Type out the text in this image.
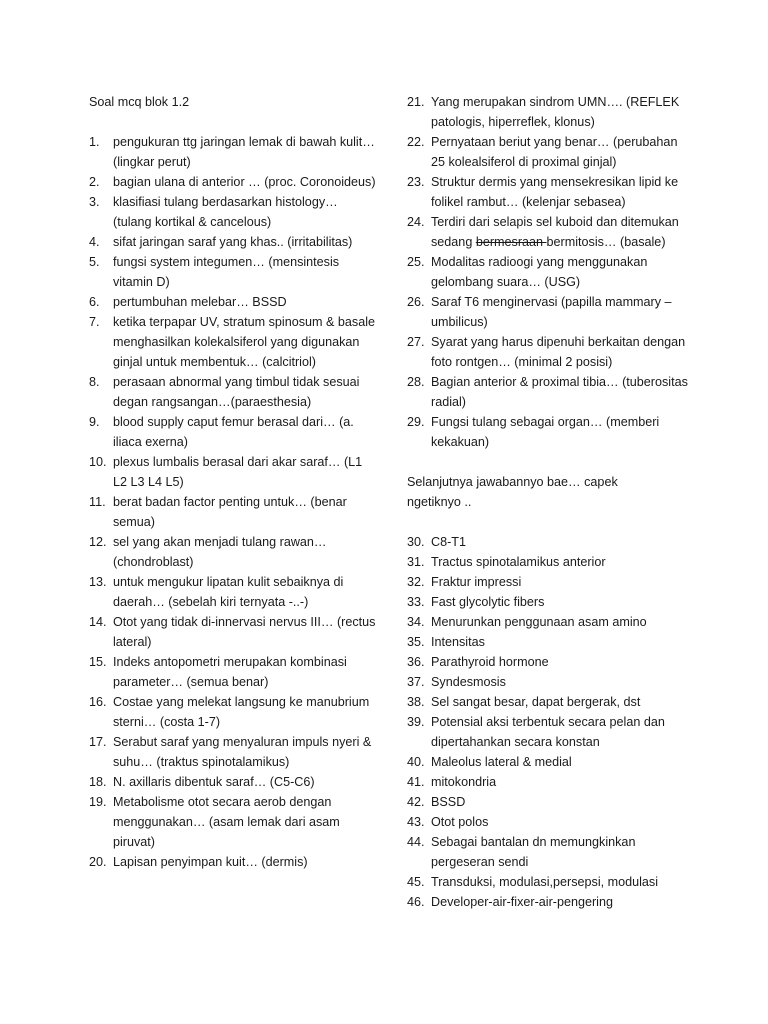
Soal mcq blok 1.2
1.	pengukuran ttg jaringan lemak di bawah kulit… (lingkar perut)
2.	bagian ulana di anterior … (proc. Coronoideus)
3.	klasifiasi tulang berdasarkan histology… (tulang kortikal & cancelous)
4.	sifat jaringan saraf yang khas.. (irritabilitas)
5.	fungsi system integumen… (mensintesis vitamin D)
6.	pertumbuhan melebar… BSSD
7.	ketika terpapar UV, stratum spinosum & basale menghasilkan kolekalsiferol yang digunakan ginjal untuk membentuk… (calcitriol)
8.	perasaan abnormal yang timbul tidak sesuai degan rangsangan…(paraesthesia)
9.	blood supply caput femur berasal dari… (a. iliaca exerna)
10. plexus lumbalis berasal dari akar saraf… (L1 L2 L3 L4 L5)
11. berat badan factor penting untuk… (benar semua)
12. sel yang akan menjadi tulang rawan… (chondroblast)
13. untuk mengukur lipatan kulit sebaiknya di daerah… (sebelah kiri ternyata -..-)
14. Otot yang tidak di-innervasi nervus III… (rectus lateral)
15. Indeks antopometri merupakan kombinasi parameter… (semua benar)
16. Costae yang melekat langsung ke manubrium sterni… (costa 1-7)
17. Serabut saraf yang menyaluran impuls nyeri & suhu… (traktus spinotalamikus)
18. N. axillaris dibentuk saraf… (C5-C6)
19. Metabolisme otot secara aerob dengan menggunakan… (asam lemak dari asam piruvat)
20. Lapisan penyimpan kuit… (dermis)
21. Yang merupakan sindrom UMN…. (REFLEK patologis, hiperreflek, klonus)
22. Pernyataan beriut yang benar… (perubahan 25 kolealsiferol di proximal ginjal)
23. Struktur dermis yang mensekresikan lipid ke folikel rambut… (kelenjar sebasea)
24. Terdiri dari selapis sel kuboid dan ditemukan sedang bermesraan bermitosis… (basale)
25. Modalitas radioogi yang menggunakan gelombang suara… (USG)
26. Saraf T6 menginervasi (papilla mammary – umbilicus)
27. Syarat yang harus dipenuhi berkaitan dengan foto rontgen… (minimal 2 posisi)
28. Bagian anterior & proximal tibia… (tuberositas radial)
29. Fungsi tulang sebagai organ… (memberi kekakuan)
Selanjutnya jawabannyo bae… capek ngetiknyo ..
30. C8-T1
31. Tractus spinotalamikus anterior
32. Fraktur impressi
33. Fast glycolytic fibers
34. Menurunkan penggunaan asam amino
35. Intensitas
36. Parathyroid hormone
37. Syndesmosis
38. Sel sangat besar, dapat bergerak, dst
39. Potensial aksi terbentuk secara pelan dan dipertahankan secara konstan
40. Maleolus lateral & medial
41. mitokondria
42. BSSD
43. Otot polos
44. Sebagai bantalan dn memungkinkan pergeseran sendi
45. Transduksi, modulasi,persepsi, modulasi
46. Developer-air-fixer-air-pengering
